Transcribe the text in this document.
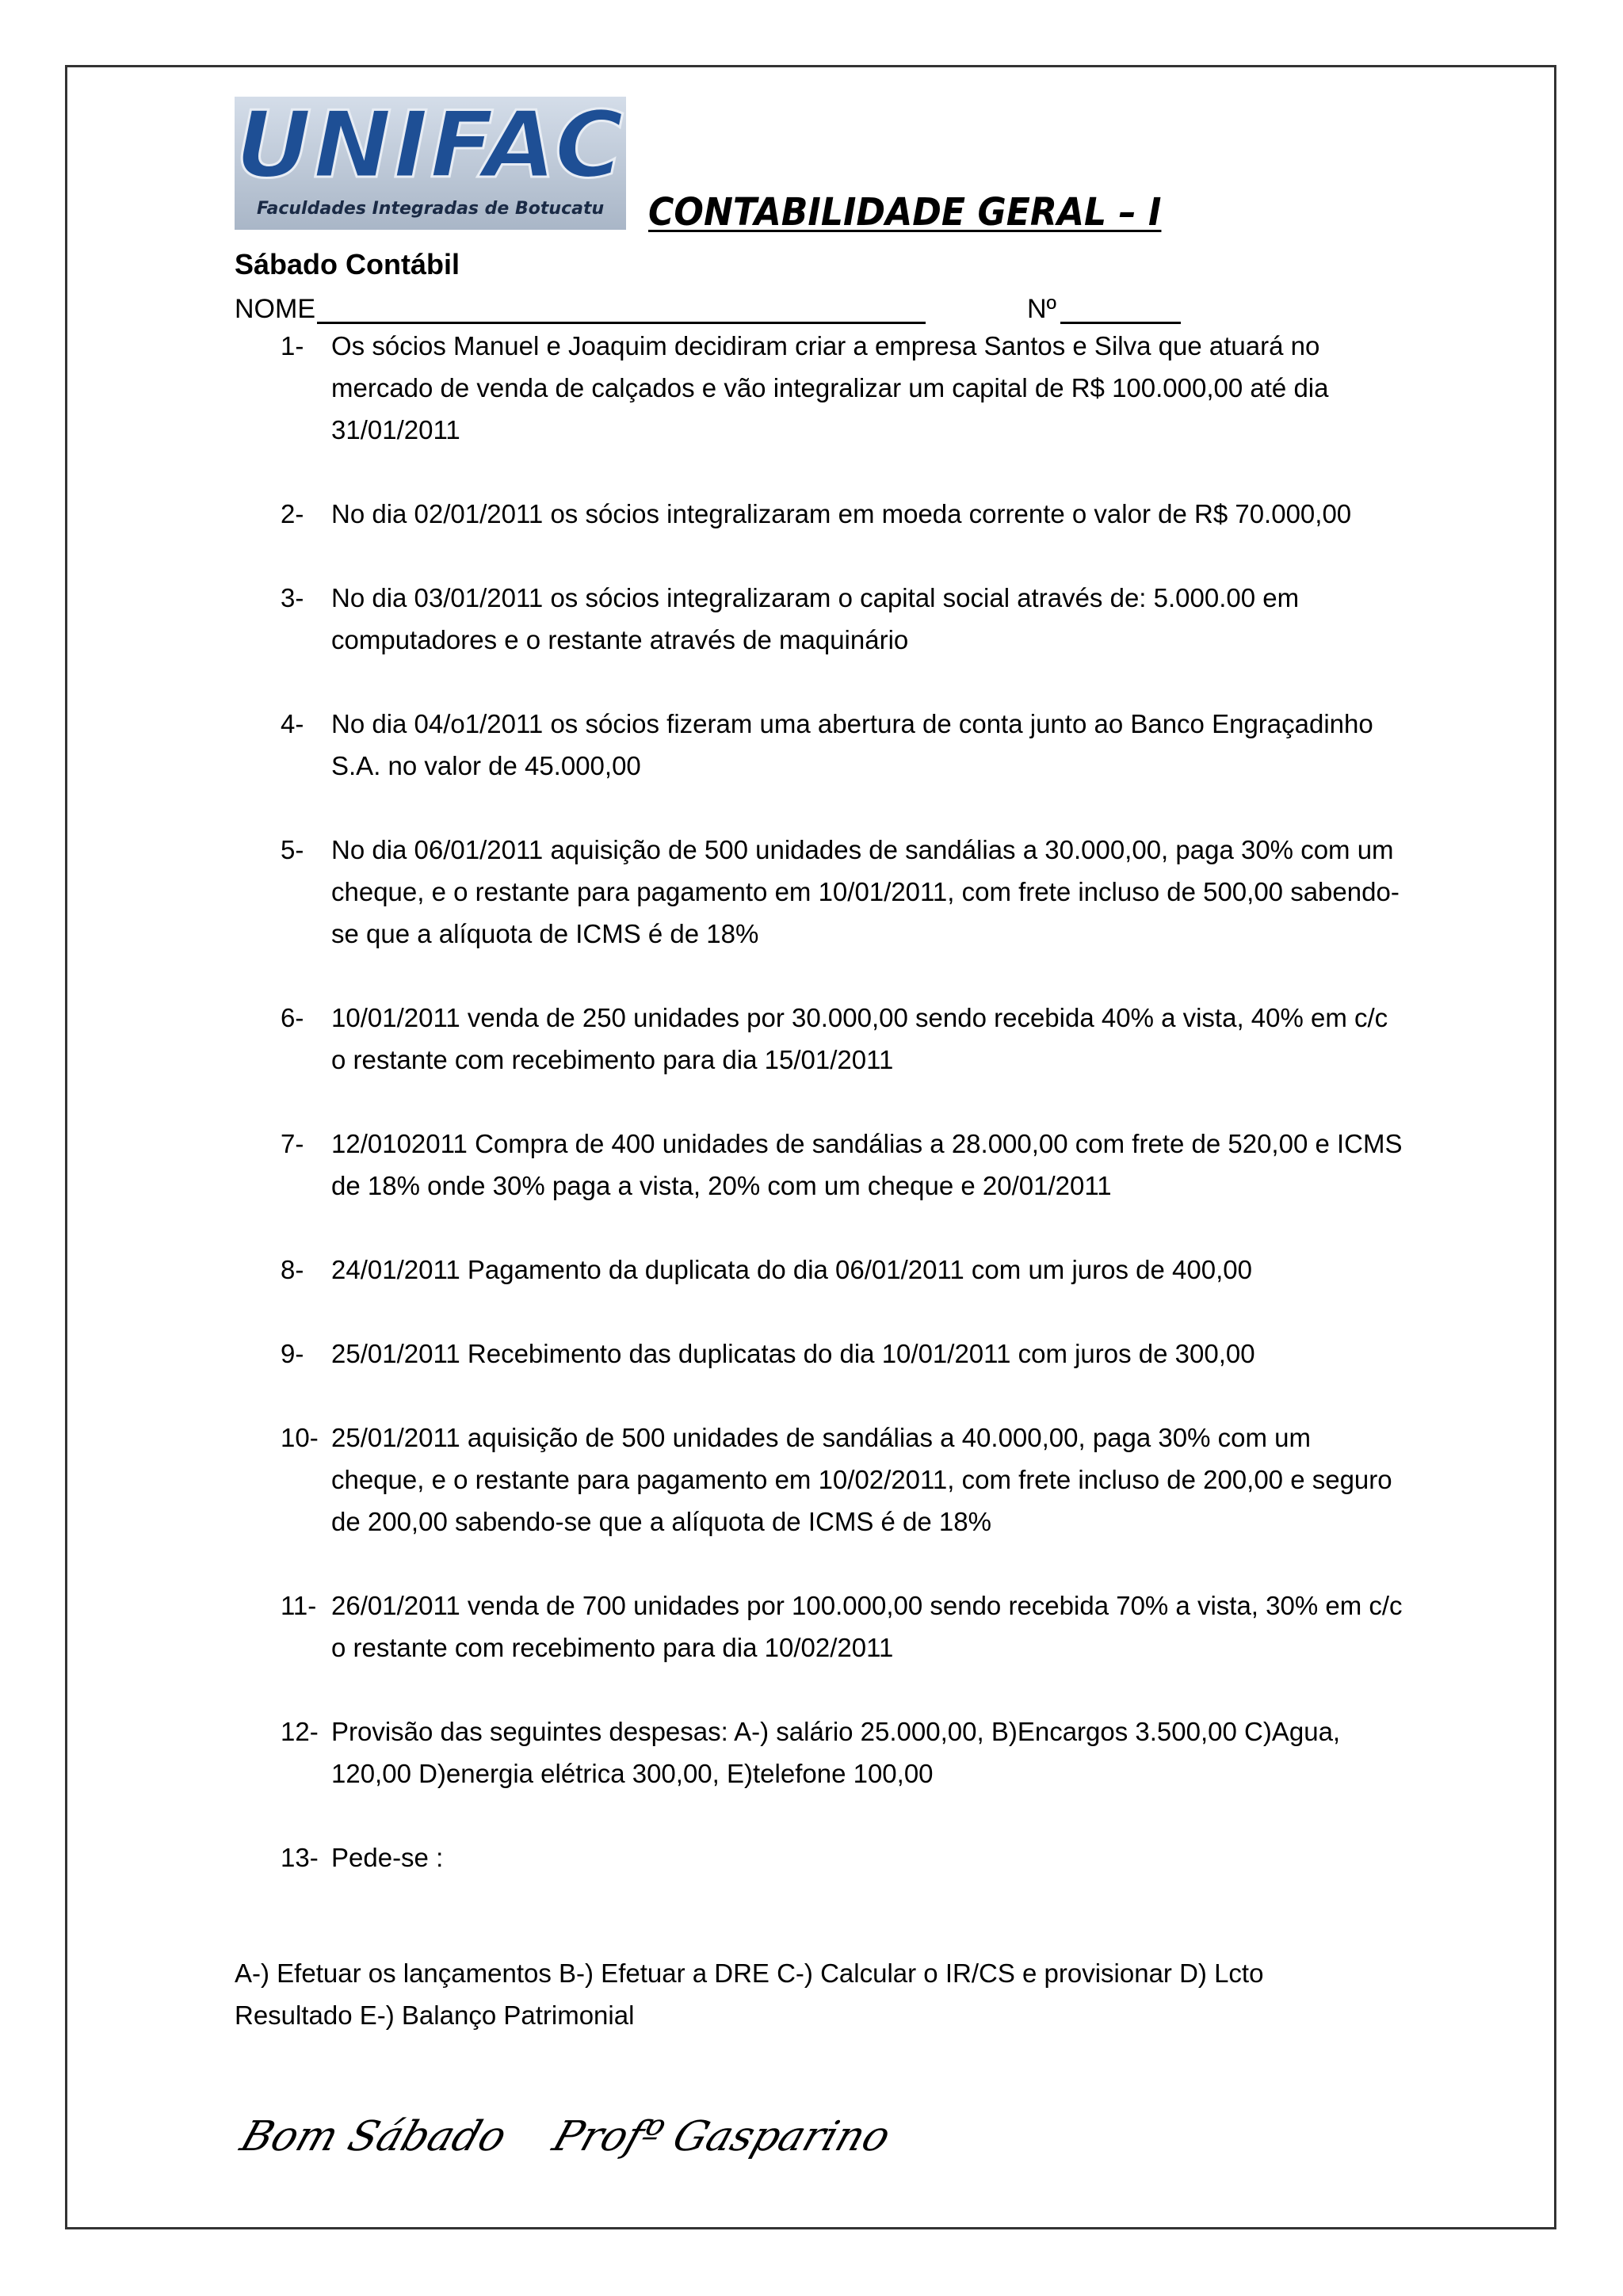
UNIFAC
Faculdades Integradas de Botucatu	CONTABILIDADE GERAL – I
Sábado Contábil
NOME	Nº
1- Os sócios Manuel e Joaquim decidiram criar a empresa Santos e Silva que atuará no mercado de venda de calçados e vão integralizar um capital de R$ 100.000,00 até dia 31/01/2011
2- No dia 02/01/2011 os sócios integralizaram em moeda corrente o valor de R$ 70.000,00
3- No dia 03/01/2011 os sócios integralizaram o capital social através de: 5.000.00 em computadores e o restante através de maquinário
4- No dia 04/o1/2011 os sócios fizeram uma abertura de conta junto ao Banco Engraçadinho S.A. no valor de 45.000,00
5- No dia 06/01/2011 aquisição de 500 unidades de sandálias a 30.000,00, paga 30% com um cheque, e o restante para pagamento em 10/01/2011, com frete incluso de 500,00 sabendo-se que a alíquota de ICMS é de 18%
6- 10/01/2011 venda de 250 unidades por 30.000,00 sendo recebida 40% a vista, 40% em c/c o restante com recebimento para dia 15/01/2011
7- 12/0102011 Compra de 400 unidades de sandálias a 28.000,00 com frete de 520,00 e ICMS de 18% onde 30% paga a vista, 20% com um cheque e 20/01/2011
8- 24/01/2011 Pagamento da duplicata do dia 06/01/2011 com um juros de 400,00
9- 25/01/2011 Recebimento das duplicatas do dia 10/01/2011 com juros de 300,00
10- 25/01/2011 aquisição de 500 unidades de sandálias a 40.000,00, paga 30% com um cheque, e o restante para pagamento em 10/02/2011, com frete incluso de 200,00 e seguro de 200,00 sabendo-se que a alíquota de ICMS é de 18%
11- 26/01/2011 venda de 700 unidades por 100.000,00 sendo recebida 70% a vista, 30% em c/c o restante com recebimento para dia 10/02/2011
12- Provisão das seguintes despesas: A-) salário 25.000,00, B)Encargos 3.500,00 C)Agua, 120,00 D)energia elétrica 300,00, E)telefone 100,00
13- Pede-se :
A-) Efetuar os lançamentos B-) Efetuar a DRE C-) Calcular o IR/CS e provisionar D) Lcto Resultado E-) Balanço Patrimonial
Bom Sábado Profº Gasparino
